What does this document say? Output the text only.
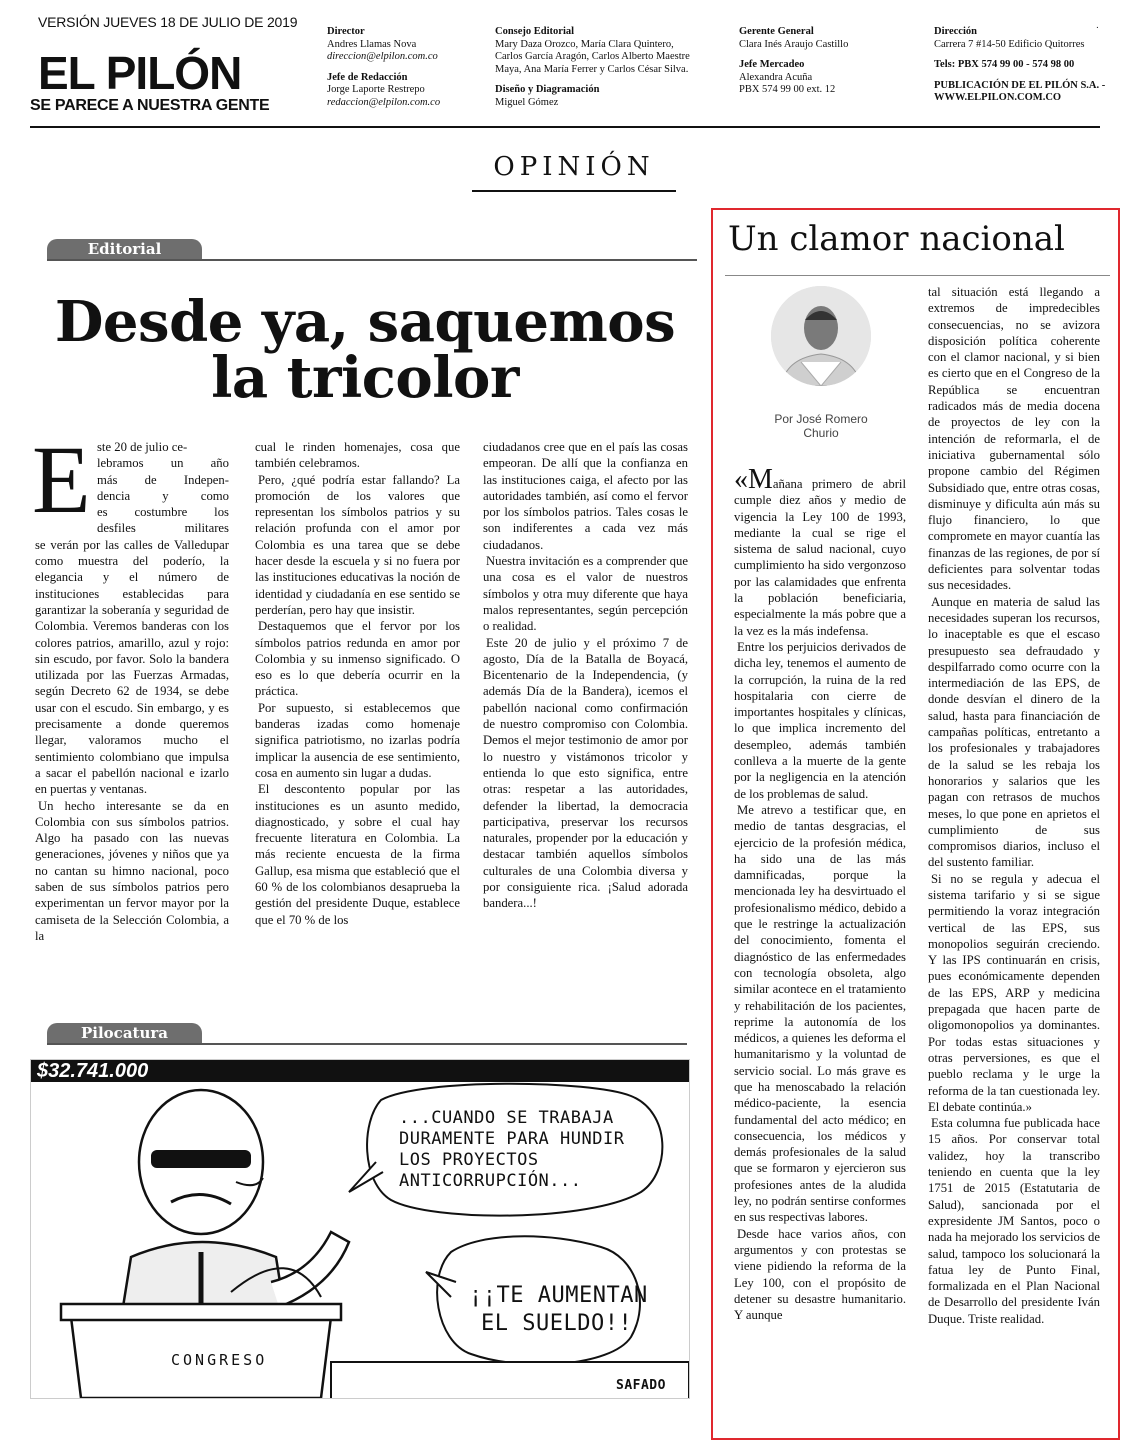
VERSIÓN JUEVES 18 DE JULIO DE 2019
EL PILÓN
SE PARECE A NUESTRA GENTE
.
Director
Andres Llamas Nova
direccion@elpilon.com.co
Jefe de Redacción
Jorge Laporte Restrepo
redaccion@elpilon.com.co
Consejo Editorial
Mary Daza Orozco, María Clara Quintero,
Carlos García Aragón, Carlos Alberto Maestre
Maya, Ana María Ferrer y Carlos César Silva.
Diseño y Diagramación
Miguel Gómez
Gerente General
Clara Inés Araujo Castillo
Jefe Mercadeo
Alexandra Acuña
PBX 574 99 00 ext. 12
Dirección
Carrera 7 #14-50 Edificio Quitorres
Tels: PBX 574 99 00 - 574 98 00
PUBLICACIÓN DE EL PILÓN S.A. -
WWW.ELPILON.COM.CO
OPINIÓN
Editorial
Desde ya, saquemos
la tricolor
E ste 20 de julio ce-
lebramos un año
más de Indepen-
dencia y como
es costumbre los
desfiles militares

se verán por las calles de Valledupar como muestra del poderío, la elegancia y el número de instituciones establecidas para garantizar la soberanía y seguridad de Colombia. Veremos banderas con los colores patrios, amarillo, azul y rojo: sin escudo, por favor. Solo la bandera utilizada por las Fuerzas Armadas, según Decreto 62 de 1934, se debe usar con el escudo. Sin embargo, y es precisamente a donde queremos llegar, valoramos mucho el sentimiento colombiano que impulsa a sacar el pabellón nacional e izarlo en puertas y ventanas.

Un hecho interesante se da en Colombia con sus símbolos patrios. Algo ha pasado con las nuevas generaciones, jóvenes y niños que ya no cantan su himno nacional, poco saben de sus símbolos patrios pero experimentan un fervor mayor por la camiseta de la Selección Colombia, a la

cual le rinden homenajes, cosa que también celebramos.

Pero, ¿qué podría estar fallando? La promoción de los valores que representan los símbolos patrios y su relación profunda con el amor por Colombia es una tarea que se debe hacer desde la escuela y si no fuera por las instituciones educativas la noción de identidad y ciudadanía en ese sentido se perderían, pero hay que insistir.

Destaquemos que el fervor por los símbolos patrios redunda en amor por Colombia y su inmenso significado. O eso es lo que debería ocurrir en la práctica.

Por supuesto, si establecemos que banderas izadas como homenaje significa patriotismo, no izarlas podría implicar la ausencia de ese sentimiento, cosa en aumento sin lugar a dudas.

El descontento popular por las instituciones es un asunto medido, diagnosticado, y sobre el cual hay frecuente literatura en Colombia. La más reciente encuesta de la firma Gallup, esa misma que estableció que el 60 % de los colombianos desaprueba la gestión del presidente Duque, establece que el 70 % de los

ciudadanos cree que en el país las cosas empeoran. De allí que la confianza en las instituciones caiga, el afecto por las autoridades también, así como el fervor por los símbolos patrios. Tales cosas le son indiferentes a cada vez más ciudadanos.

Nuestra invitación es a comprender que una cosa es el valor de nuestros símbolos y otra muy diferente que haya malos representantes, según percepción o realidad.

Este 20 de julio y el próximo 7 de agosto, Día de la Batalla de Boyacá, Bicentenario de la Independencia, (y además Día de la Bandera), icemos el pabellón nacional como confirmación de nuestro compromiso con Colombia. Demos el mejor testimonio de amor por lo nuestro y vistámonos tricolor y entienda lo que esto significa, entre otras: respetar a las autoridades, defender la libertad, la democracia participativa, preservar los recursos naturales, propender por la educación y destacar también aquellos símbolos culturales de una Colombia diversa y por consiguiente rica. ¡Salud adorada bandera...!

Pilocatura
$32.741.000
...CUANDO SE TRABAJA
DURAMENTE PARA HUNDIR
LOS PROYECTOS
ANTICORRUPCIÓN...
¡¡TE AUMENTAN
EL SUELDO!!
CONGRESO
SAFADO
Un clamor nacional
Por José Romero
Churio

«Mañana primero de abril cumple diez años y medio de vigencia la Ley 100 de 1993, mediante la cual se rige el sistema de salud nacional, cuyo cumplimiento ha sido vergonzoso por las calamidades que enfrenta la población beneficiaria, especialmente la más pobre que a la vez es la más indefensa.

Entre los perjuicios derivados de dicha ley, tenemos el aumento de la corrupción, la ruina de la red hospitalaria con cierre de importantes hospitales y clínicas, lo que implica incremento del desempleo, además también conlleva a la muerte de la gente por la negligencia en la atención de los problemas de salud.

Me atrevo a testificar que, en medio de tantas desgracias, el ejercicio de la profesión médica, ha sido una de las más damnificadas, porque la mencionada ley ha desvirtuado el profesionalismo médico, debido a que le restringe la actualización del conocimiento, fomenta el diagnóstico de las enfermedades con tecnología obsoleta, algo similar acontece en el tratamiento y rehabilitación de los pacientes, reprime la autonomía de los médicos, a quienes les deforma el humanitarismo y la voluntad de servicio social. Lo más grave es que ha menoscabado la relación médico-paciente, la esencia fundamental del acto médico; en consecuencia, los médicos y demás profesionales de la salud que se formaron y ejercieron sus profesiones antes de la aludida ley, no podrán sentirse conformes en sus respectivas labores.

Desde hace varios años, con argumentos y con protestas se viene pidiendo la reforma de la Ley 100, con el propósito de detener su desastre humanitario. Y aunque

tal situación está llegando a extremos de impredecibles consecuencias, no se avizora disposición política coherente con el clamor nacional, y si bien es cierto que en el Congreso de la República se encuentran radicados más de media docena de proyectos de ley con la intención de reformarla, el de iniciativa gubernamental sólo propone cambio del Régimen Subsidiado que, entre otras cosas, disminuye y dificulta aún más su flujo financiero, lo que compromete en mayor cuantía las finanzas de las regiones, de por sí deficientes para solventar todas sus necesidades.

Aunque en materia de salud las necesidades superan los recursos, lo inaceptable es que el escaso presupuesto sea defraudado y despilfarrado como ocurre con la intermediación de las EPS, de donde desvían el dinero de la salud, hasta para financiación de campañas políticas, entretanto a los profesionales y trabajadores de la salud se les rebaja los honorarios y salarios que les pagan con retrasos de muchos meses, lo que pone en aprietos el cumplimiento de sus compromisos diarios, incluso el del sustento familiar.

Si no se regula y adecua el sistema tarifario y si se sigue permitiendo la voraz integración vertical de las EPS, sus monopolios seguirán creciendo. Y las IPS continuarán en crisis, pues económicamente dependen de las EPS, ARP y medicina prepagada que hacen parte de oligomonopolios ya dominantes. Por todas estas situaciones y otras perversiones, es que el pueblo reclama y le urge la reforma de la tan cuestionada ley. El debate continúa.»

Esta columna fue publicada hace 15 años. Por conservar total validez, hoy la transcribo teniendo en cuenta que la ley 1751 de 2015 (Estatutaria de Salud), sancionada por el expresidente JM Santos, poco o nada ha mejorado los servicios de salud, tampoco los solucionará la fatua ley de Punto Final, formalizada en el Plan Nacional de Desarrollo del presidente Iván Duque. Triste realidad.
